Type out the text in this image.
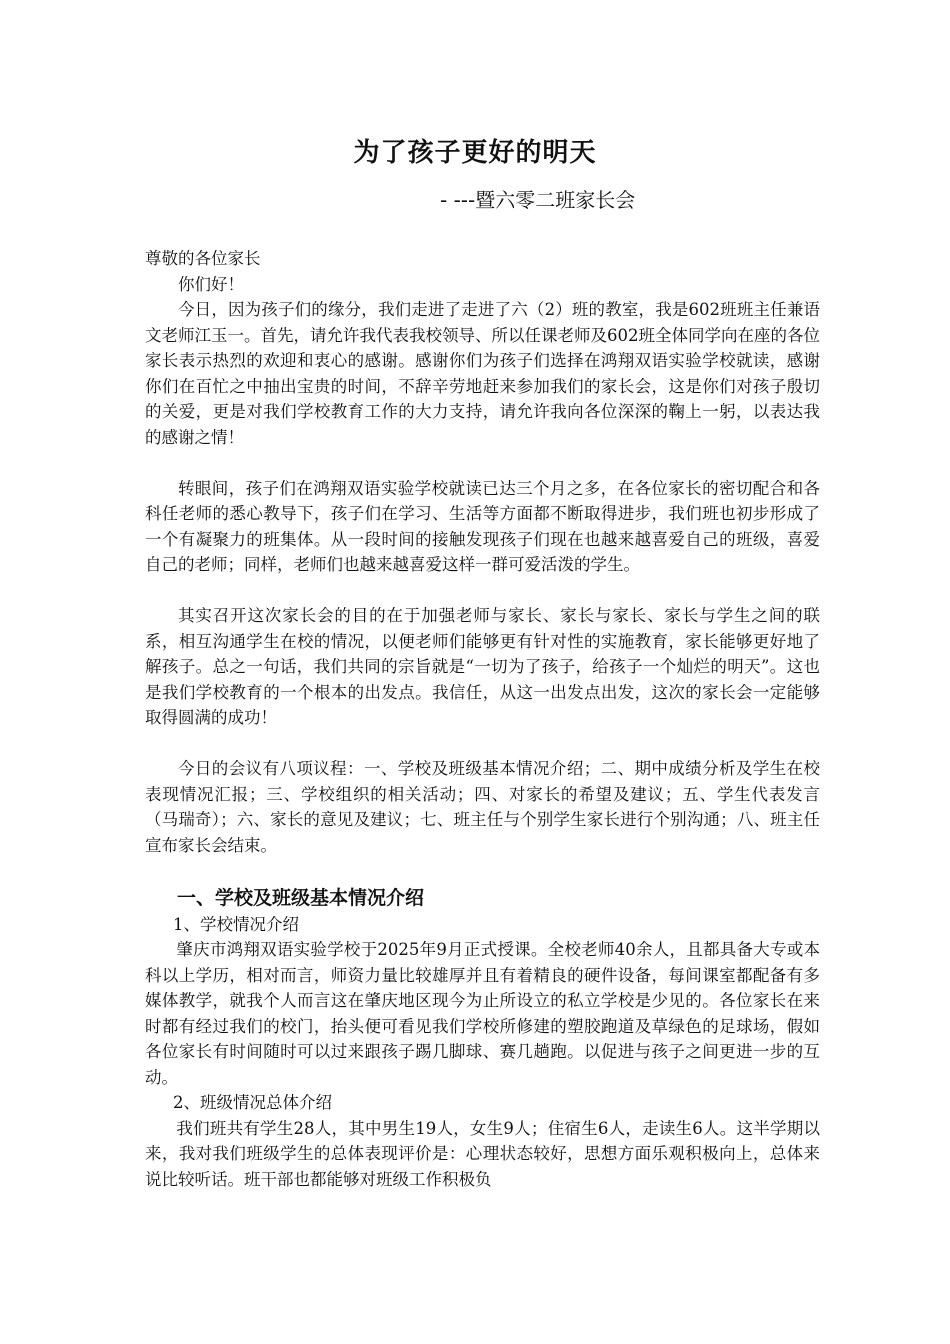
为了孩子更好的明天
- ---暨六零二班家长会

尊敬的各位家长

你们好！

今日，因为孩子们的缘分，我们走进了走进了六（2）班的教室，我是602班班主任兼语文老师江玉一。首先，请允许我代表我校领导、所以任课老师及602班全体同学向在座的各位家长表示热烈的欢迎和衷心的感谢。感谢你们为孩子们选择在鸿翔双语实验学校就读，感谢你们在百忙之中抽出宝贵的时间，不辞辛劳地赶来参加我们的家长会，这是你们对孩子殷切的关爱，更是对我们学校教育工作的大力支持，请允许我向各位深深的鞠上一躬，以表达我的感谢之情！

转眼间，孩子们在鸿翔双语实验学校就读已达三个月之多，在各位家长的密切配合和各科任老师的悉心教导下，孩子们在学习、生活等方面都不断取得进步，我们班也初步形成了一个有凝聚力的班集体。从一段时间的接触发现孩子们现在也越来越喜爱自己的班级，喜爱自己的老师；同样，老师们也越来越喜爱这样一群可爱活泼的学生。

其实召开这次家长会的目的在于加强老师与家长、家长与家长、家长与学生之间的联系，相互沟通学生在校的情况，以便老师们能够更有针对性的实施教育，家长能够更好地了解孩子。总之一句话，我们共同的宗旨就是“一切为了孩子，给孩子一个灿烂的明天”。这也是我们学校教育的一个根本的出发点。我信任，从这一出发点出发，这次的家长会一定能够取得圆满的成功！

今日的会议有八项议程：一、学校及班级基本情况介绍；二、期中成绩分析及学生在校表现情况汇报；三、学校组织的相关活动；四、对家长的希望及建议；五、学生代表发言（马瑞奇）；六、家长的意见及建议；七、班主任与个别学生家长进行个别沟通；八、班主任宣布家长会结束。

一、学校及班级基本情况介绍

1、学校情况介绍

肇庆市鸿翔双语实验学校于2025年9月正式授课。全校老师40余人，且都具备大专或本科以上学历，相对而言，师资力量比较雄厚并且有着精良的硬件设备，每间课室都配备有多媒体教学，就我个人而言这在肇庆地区现今为止所设立的私立学校是少见的。各位家长在来时都有经过我们的校门，抬头便可看见我们学校所修建的塑胶跑道及草绿色的足球场，假如各位家长有时间随时可以过来跟孩子踢几脚球、赛几趟跑。以促进与孩子之间更进一步的互动。

2、班级情况总体介绍

我们班共有学生28人，其中男生19人，女生9人；住宿生6人，走读生6人。这半学期以来，我对我们班级学生的总体表现评价是：心理状态较好，思想方面乐观积极向上，总体来说比较听话。班干部也都能够对班级工作积极负
